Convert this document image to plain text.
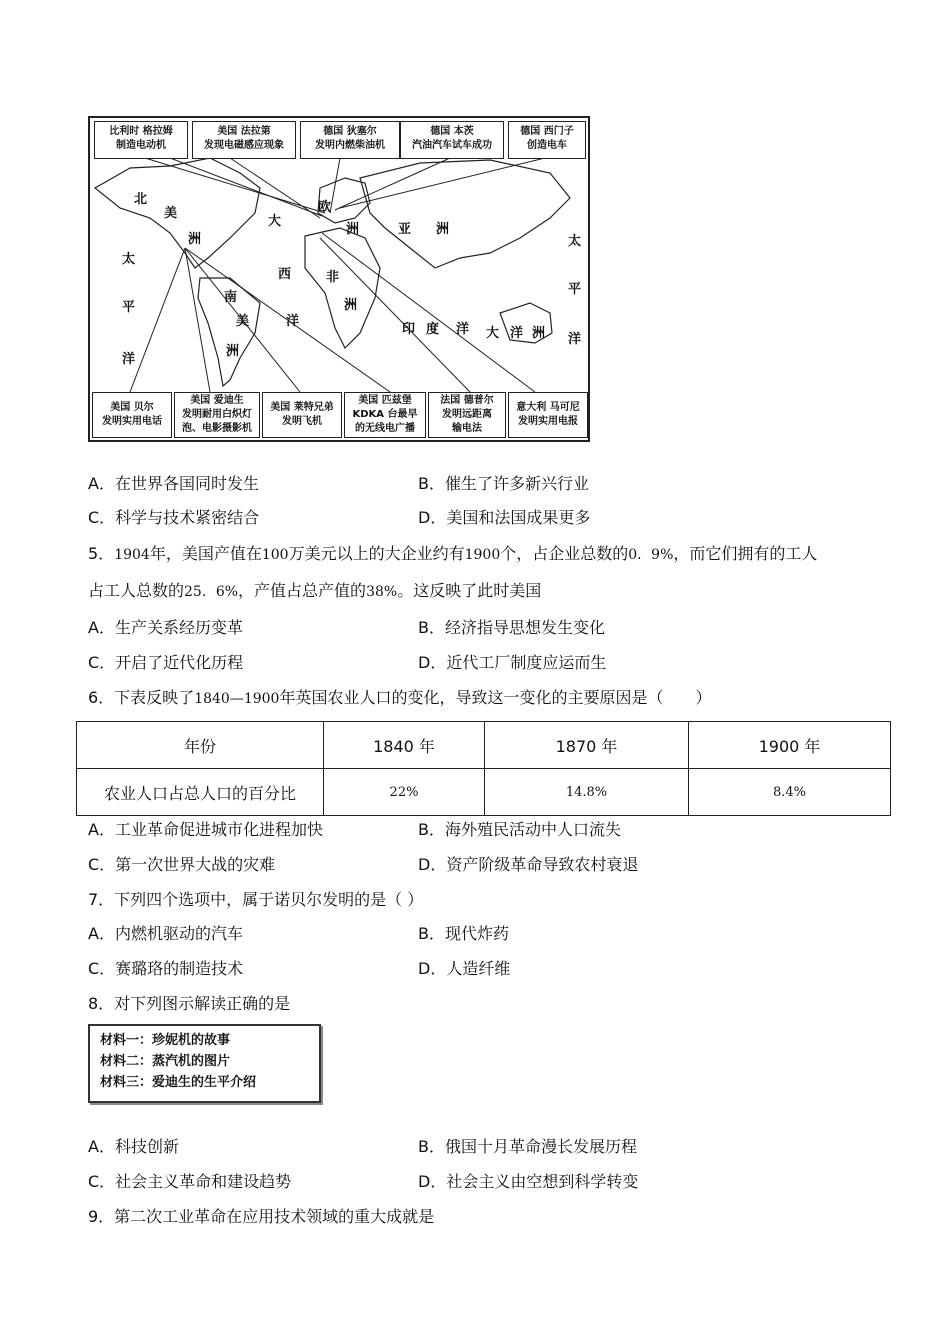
比利时 格拉姆
制造电动机
美国 法拉第
发现电磁感应现象
德国 狄塞尔
发明内燃柴油机
德国 本茨
汽油汽车试车成功
德国 西门子
创造电车
美国 贝尔
发明实用电话
美国 爱迪生
发明耐用白炽灯
泡、电影摄影机
美国 莱特兄弟
发明飞机
美国 匹兹堡
KDKA 台最早
的无线电广播
法国 德普尔
发明远距离
输电法
意大利 马可尼
发明实用电报
北
美
洲
太
平
洋
大
西
洋
南
美
洲
欧
洲
非
洲
亚 洲
印 度 洋 大 洋 洲
太
平
洋
A．在世界各国同时发生	B．催生了许多新兴行业
C．科学与技术紧密结合	D．美国和法国成果更多
5．1904年，美国产值在100万美元以上的大企业约有1900个，占企业总数的0．9%，而它们拥有的工人
占工人总数的25．6%，产值占总产值的38%。这反映了此时美国
A．生产关系经历变革	B．经济指导思想发生变化
C．开启了近代化历程	D．近代工厂制度应运而生
6．下表反映了1840—1900年英国农业人口的变化，导致这一变化的主要原因是（　　）
年份	1840 年	1870 年	1900 年
农业人口占总人口的百分比	22%	14.8%	8.4%
A．工业革命促进城市化进程加快	B．海外殖民活动中人口流失
C．第一次世界大战的灾难	D．资产阶级革命导致农村衰退
7．下列四个选项中，属于诺贝尔发明的是（ ）
A．内燃机驱动的汽车	B．现代炸药
C．赛璐珞的制造技术	D．人造纤维
8．对下列图示解读正确的是
材料一：珍妮机的故事
材料二：蒸汽机的图片
材料三：爱迪生的生平介绍
A．科技创新	B．俄国十月革命漫长发展历程
C．社会主义革命和建设趋势	D．社会主义由空想到科学转变
9．第二次工业革命在应用技术领域的重大成就是
